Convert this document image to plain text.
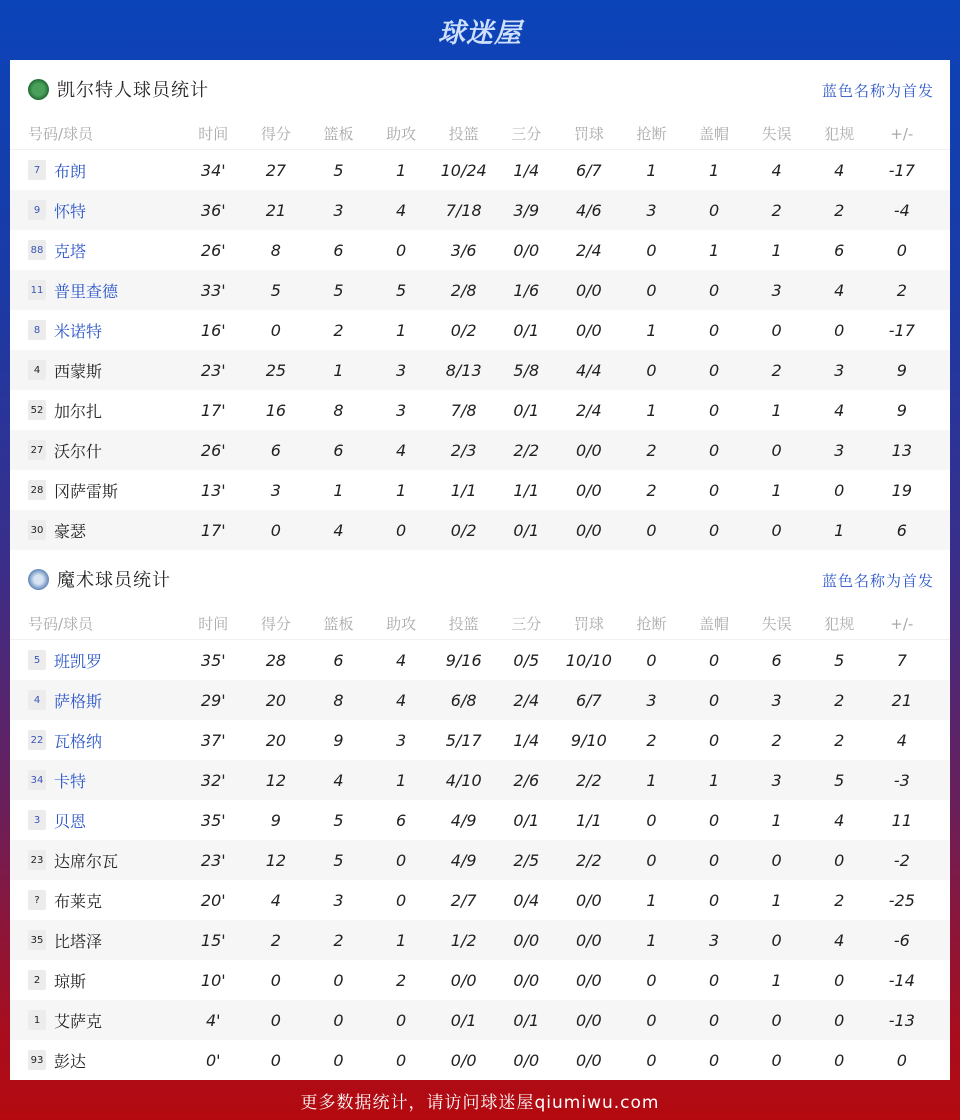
球迷屋
凯尔特人球员统计	蓝色名称为首发
号码/球员	时间	得分	篮板	助攻	投篮	三分	罚球	抢断	盖帽	失误	犯规	+/-
7 布朗	34'	27	5	1	10/24	1/4	6/7	1	1	4	4	-17
9 怀特	36'	21	3	4	7/18	3/9	4/6	3	0	2	2	-4
88 克塔	26'	8	6	0	3/6	0/0	2/4	0	1	1	6	0
11 普里查德	33'	5	5	5	2/8	1/6	0/0	0	0	3	4	2
8 米诺特	16'	0	2	1	0/2	0/1	0/0	1	0	0	0	-17
4 西蒙斯	23'	25	1	3	8/13	5/8	4/4	0	0	2	3	9
52 加尔扎	17'	16	8	3	7/8	0/1	2/4	1	0	1	4	9
27 沃尔什	26'	6	6	4	2/3	2/2	0/0	2	0	0	3	13
28 冈萨雷斯	13'	3	1	1	1/1	1/1	0/0	2	0	1	0	19
30 豪瑟	17'	0	4	0	0/2	0/1	0/0	0	0	0	1	6
魔术球员统计	蓝色名称为首发
号码/球员	时间	得分	篮板	助攻	投篮	三分	罚球	抢断	盖帽	失误	犯规	+/-
5 班凯罗	35'	28	6	4	9/16	0/5	10/10	0	0	6	5	7
4 萨格斯	29'	20	8	4	6/8	2/4	6/7	3	0	3	2	21
22 瓦格纳	37'	20	9	3	5/17	1/4	9/10	2	0	2	2	4
34 卡特	32'	12	4	1	4/10	2/6	2/2	1	1	3	5	-3
3 贝恩	35'	9	5	6	4/9	0/1	1/1	0	0	1	4	11
23 达席尔瓦	23'	12	5	0	4/9	2/5	2/2	0	0	0	0	-2
? 布莱克	20'	4	3	0	2/7	0/4	0/0	1	0	1	2	-25
35 比塔泽	15'	2	2	1	1/2	0/0	0/0	1	3	0	4	-6
2 琼斯	10'	0	0	2	0/0	0/0	0/0	0	0	1	0	-14
1 艾萨克	4'	0	0	0	0/1	0/1	0/0	0	0	0	0	-13
93 彭达	0'	0	0	0	0/0	0/0	0/0	0	0	0	0	0
更多数据统计，请访问球迷屋qiumiwu.com
